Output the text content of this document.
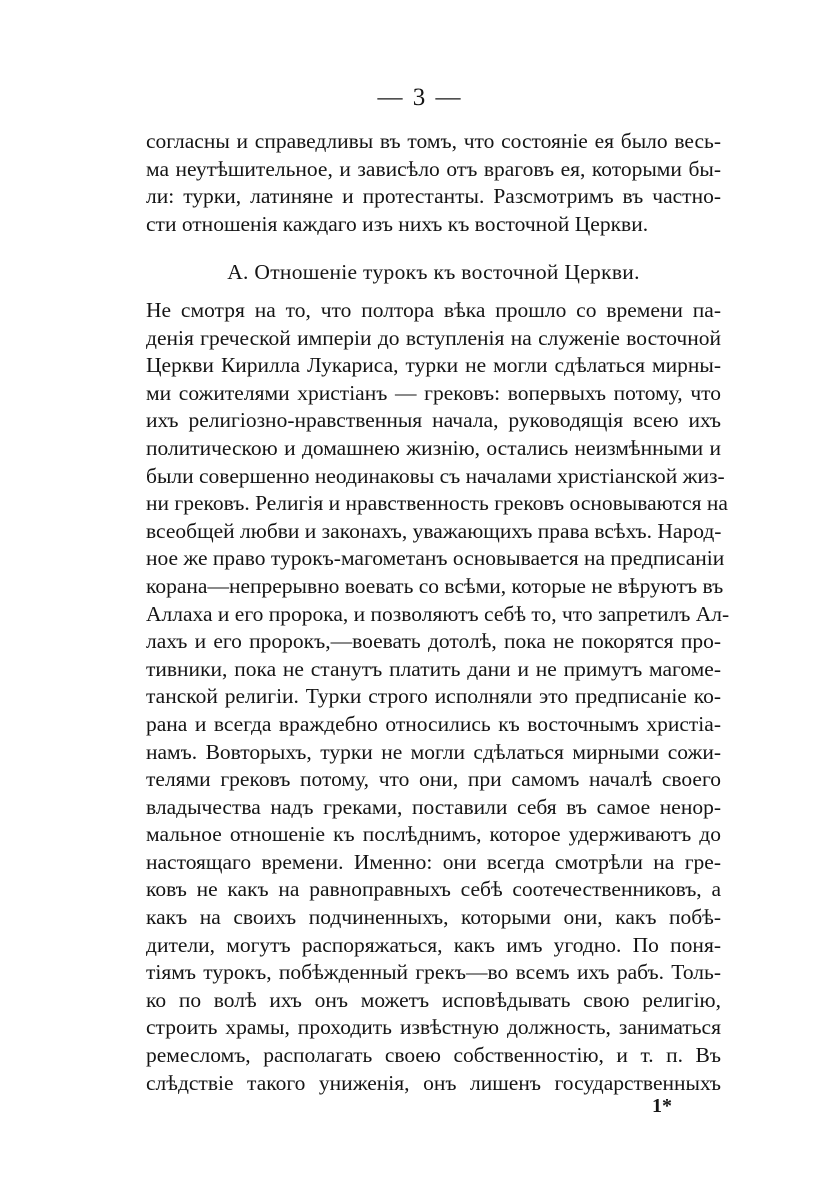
— 3 —
согласны и справедливы въ томъ, что состояніе ея было весь-
ма неутѣшительное, и зависѣло отъ враговъ ея, которыми бы-
ли: турки, латиняне и протестанты. Разсмотримъ въ частно-
сти отношенія каждаго изъ нихъ къ восточной Церкви.
А. Отношеніе турокъ къ восточной Церкви.
Не смотря на то, что полтора вѣка прошло со времени па-
денія греческой имперіи до вступленія на служеніе восточной
Церкви Кирилла Лукариса, турки не могли сдѣлаться мирны-
ми сожителями христіанъ — грековъ: вопервыхъ потому, что
ихъ религіозно-нравственныя начала, руководящія всею ихъ
политическою и домашнею жизнію, остались неизмѣнными и
были совершенно неодинаковы съ началами христіанской жиз-
ни грековъ. Религія и нравственность грековъ основываются на
всеобщей любви и законахъ, уважающихъ права всѣхъ. Народ-
ное же право турокъ-магометанъ основывается на предписаніи
корана—непрерывно воевать со всѣми, которые не вѣруютъ въ
Аллаха и его пророка, и позволяютъ себѣ то, что запретилъ Ал-
лахъ и его пророкъ,—воевать дотолѣ, пока не покорятся про-
тивники, пока не станутъ платить дани и не примутъ магоме-
танской религіи. Турки строго исполняли это предписаніе ко-
рана и всегда враждебно относились къ восточнымъ христіа-
намъ. Вовторыхъ, турки не могли сдѣлаться мирными сожи-
телями грековъ потому, что они, при самомъ началѣ своего
владычества надъ греками, поставили себя въ самое ненор-
мальное отношеніе къ послѣднимъ, которое удерживаютъ до
настоящаго времени. Именно: они всегда смотрѣли на гре-
ковъ не какъ на равноправныхъ себѣ соотечественниковъ, а
какъ на своихъ подчиненныхъ, которыми они, какъ побѣ-
дители, могутъ распоряжаться, какъ имъ угодно. По поня-
тіямъ турокъ, побѣжденный грекъ—во всемъ ихъ рабъ. Толь-
ко по волѣ ихъ онъ можетъ исповѣдывать свою религію,
строить храмы, проходить извѣстную должность, заниматься
ремесломъ, располагать своею собственностію, и т. п. Въ
слѣдствіе такого униженія, онъ лишенъ государственныхъ
1*
